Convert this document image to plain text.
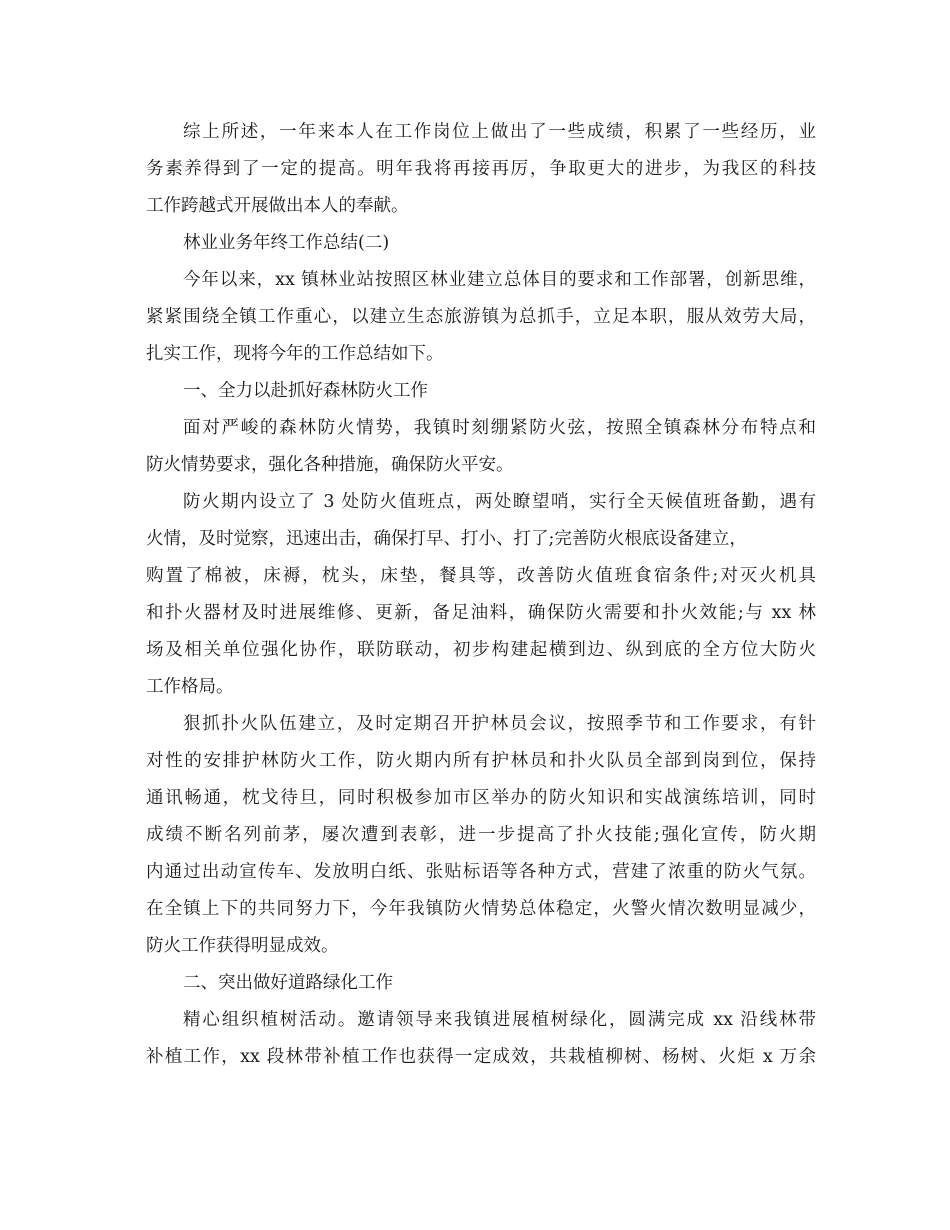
综上所述，一年来本人在工作岗位上做出了一些成绩，积累了一些经历，业
务素养得到了一定的提高。明年我将再接再厉，争取更大的进步，为我区的科技
工作跨越式开展做出本人的奉献。
林业业务年终工作总结(二)
今年以来，xx 镇林业站按照区林业建立总体目的要求和工作部署，创新思维，
紧紧围绕全镇工作重心，以建立生态旅游镇为总抓手，立足本职，服从效劳大局，
扎实工作，现将今年的工作总结如下。
一、全力以赴抓好森林防火工作
面对严峻的森林防火情势，我镇时刻绷紧防火弦，按照全镇森林分布特点和
防火情势要求，强化各种措施，确保防火平安。
防火期内设立了 3 处防火值班点，两处瞭望哨，实行全天候值班备勤，遇有
火情，及时觉察，迅速出击，确保打早、打小、打了;完善防火根底设备建立，
购置了棉被，床褥，枕头，床垫，餐具等，改善防火值班食宿条件;对灭火机具
和扑火器材及时进展维修、更新，备足油料，确保防火需要和扑火效能;与 xx 林
场及相关单位强化协作，联防联动，初步构建起横到边、纵到底的全方位大防火
工作格局。
狠抓扑火队伍建立，及时定期召开护林员会议，按照季节和工作要求，有针
对性的安排护林防火工作，防火期内所有护林员和扑火队员全部到岗到位，保持
通讯畅通，枕戈待旦，同时积极参加市区举办的防火知识和实战演练培训，同时
成绩不断名列前茅，屡次遭到表彰，进一步提高了扑火技能;强化宣传，防火期
内通过出动宣传车、发放明白纸、张贴标语等各种方式，营建了浓重的防火气氛。
在全镇上下的共同努力下，今年我镇防火情势总体稳定，火警火情次数明显减少，
防火工作获得明显成效。
二、突出做好道路绿化工作
精心组织植树活动。邀请领导来我镇进展植树绿化，圆满完成 xx 沿线林带
补植工作，xx 段林带补植工作也获得一定成效，共栽植柳树、杨树、火炬 x 万余
